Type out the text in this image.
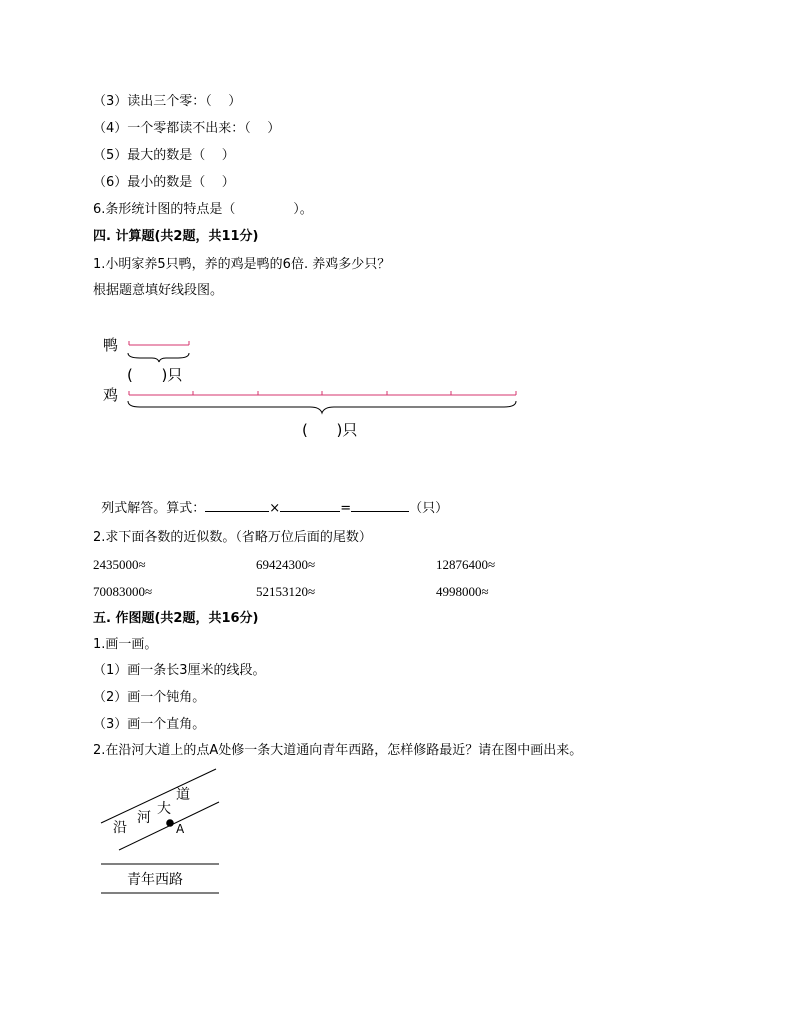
（3）读出三个零：（    ）
（4）一个零都读不出来：（    ）
（5）最大的数是（    ）
（6）最小的数是（    ）
6.条形统计图的特点是（              ）。
四. 计算题(共2题，共11分)
1.小明家养5只鸭，养的鸡是鸭的6倍. 养鸡多少只？
根据题意填好线段图。
鸭
(      )只
鸡
(      )只

列式解答。算式：	×	=	（只）

2.求下面各数的近似数。（省略万位后面的尾数）
2435000≈	69424300≈	12876400≈
70083000≈	52153120≈	4998000≈
五. 作图题(共2题，共16分)
1.画一画。
（1）画一条长3厘米的线段。
（2）画一个钝角。
（3）画一个直角。
2.在沿河大道上的点A处修一条大道通向青年西路，怎样修路最近？请在图中画出来。
沿
河
大
道
A
青年西路
